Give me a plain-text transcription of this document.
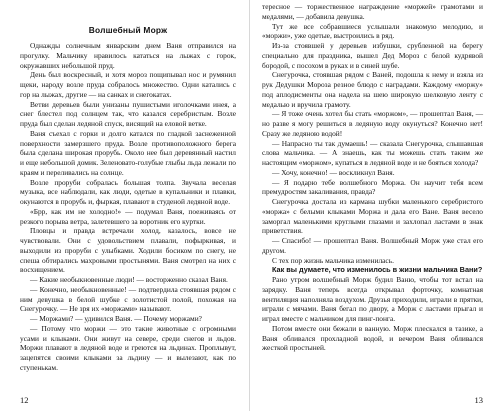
Волшебный Морж

Однажды солнечным январским днем Ваня отправился на прогулку. Мальчику нравилось кататься на лыжах с горок, окружавших небольшой пруд.

День был воскресный, и хотя мороз пощипывал нос и румянил щеки, народу возле пруда собралось множество. Одни катались с гор на лыжах, другие — на санках и снегокатах.

Ветви деревьев были унизаны пушистыми иголочками инея, а снег блестел под солнцем так, что казался серебристым. Возле пруда был сделан ледяной спуск, висящий на еловой ветке.

Ваня съехал с горки и долго катался по гладкой заснеженной поверхности замерзшего пруда. Возле противоположного берега была сделана широкая прорубь. Около нее был деревянный настил и еще небольшой домик. Зеленовато-голубые глыбы льда лежали по краям и переливались на солнце.

Возле проруби собралась большая толпа. Звучала веселая музыка, все наблюдали, как люди, одетые в купальники и плавки, окунаются в прорубь и, фыркая, плавают в студеной ледяной воде.

«Брр, как им не холодно!» — подумал Ваня, поеживаясь от резкого порыва ветра, залетевшего за воротник его куртки.

Пловцы и правда встречали холод, казалось, вовсе не чувствовали. Они с удовольствием плавали, пофыркивая, и выходили из проруби с улыбками. Ходили босиком по снегу, не спеша обтирались махровыми простынями. Ваня смотрел на них с восхищением.

— Какие необыкновенные люди! — восторженно сказал Ваня.

— Конечно, необыкновенные! — подтвердила стоявшая рядом с ним девушка в белой шубке с золотистой полой, похожая на Снегурочку. — Не зря их «моржами» называют.

— Моржами? — удивился Ваня. — Почему моржами?

— Потому что моржи — это такие животные с огромными усами и клыками. Они живут на севере, среди снегов и льдов. Моржи плавают в ледяной воде и греются на льдинах. Проплывут, зацепятся своими клыками за льдину — и вылезают, как по ступенькам.

12

тересное — торжественное награждение «моржей» грамотами и медалями, — добавила девушка.

Тут же все собравшиеся услышали знакомую мелодию, и «моржи», уже одетые, выстроились в ряд.

Из-за стоявшей у деревьев избушки, срубленной на берегу специально для праздника, вышел Дед Мороз с белой кудрявой бородой, с посохом в руках и в синей шубе.

Снегурочка, стоявшая рядом с Ваней, подошла к нему и взяла из рук Дедушки Мороза резное блюдо с наградами. Каждому «моржу» под аплодисменты она надела на шею широкую шелковую ленту с медалью и вручила грамоту.

— Я тоже очень хотел бы стать «моржом», — прошептал Ваня, — но разве я могу решиться в ледяную воду окунуться? Конечно нет! Сразу же ледяною водой!

— Напрасно ты так думаешь! — сказала Снегурочка, слышавшая слова мальчика. — А знаешь, как ты можешь стать таким же настоящим «моржом», купаться в ледяной воде и не бояться холода?

— Хочу, конечно! — воскликнул Ваня.

— Я подарю тебе волшебного Моржа. Он научит тебя всем премудростям закаливания, правда?

Снегурочка достала из кармана шубки маленького серебристого «моржа» с белыми клыками Моржа и дала его Ване. Ваня весело заморгал маленькими круглыми глазами и захлопал ластами в знак приветствия.

— Спасибо! — прошептал Ваня. Волшебный Морж уже стал его другом.

С тех пор жизнь мальчика изменилась.

Как вы думаете, что изменилось в жизни мальчика Вани?

Рано утром волшебный Морж будил Ваню, чтобы тот встал на зарядку. Ваня теперь всегда открывал форточку, комнатная вентиляция наполняла воздухом. Друзья приходили, играли в прятки, играли с мячами. Ваня бегал по двору, а Морж с ластами прыгал и играл вместе с мальчиком для пинг-понга.

Потом вместе они бежали в ванную. Морж плескался в тазике, а Ваня обливался прохладной водой, и вечером Ваня обливался жесткой простыней.

13
